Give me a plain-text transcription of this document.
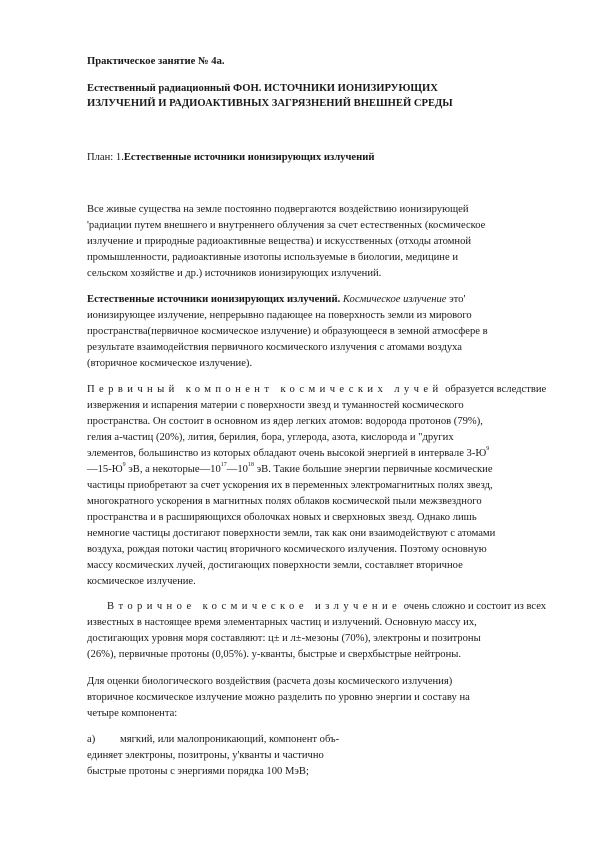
Практическое занятие № 4а.
Естественный радиационный ФОН. ИСТОЧНИКИ ИОНИЗИРУЮЩИХ
ИЗЛУЧЕНИЙ И РАДИОАКТИВНЫХ ЗАГРЯЗНЕНИЙ ВНЕШНЕЙ СРЕДЫ
План: 1.Естественные источники ионизирующих излучений
Все живые существа на земле постоянно подвергаются воздействию ионизирующей
'радиации путем внешнего и внутреннего облучения за счет естественных (космическое
излучение и природные радиоактивные вещества) и искусственных (отходы атомной
промышленности, радиоактивные изотопы используемые в биологии, медицине и
сельском хозяйстве и др.) источников ионизирующих излучений.
Естественные источники ионизирующих излучений. Космическое излучение это'
ионизирующее излучение, непрерывно падающее на поверхность земли из мирового
пространства(первичное космическое излучение) и образующееся в земной атмосфере в
результате взаимодействия первичного космического излучения с атомами воздуха
(вторичное космическое излучение).
Первичный компонент космических лучей образуется вследствие
извержения и испарения материи с поверхности звезд и туманностей космического
пространства. Он состоит в основном из ядер легких атомов: водорода протонов (79%),
гелия а-частиц (20%), лития, берилия, бора, углерода, азота, кислорода и "других
элементов, большинство из которых обладают очень высокой энергией в интервале $3-Ю^9$
$—15-Ю^9$ эВ, а $некоторые—10^{17}—10^{18}$ эВ. Такие большие энергии первичные космические
частицы приобретают за счет ускорения их в переменных электромагнитных полях звезд,
многократного ускорения в магнитных полях облаков космической пыли межзвездного
пространства и в расширяющихся оболочках новых и сверхновых звезд. Однако лишь
немногие частицы достигают поверхности земли, так как они взаимодействуют с атомами
воздуха, рождая потоки частиц вторичного космического излучения. Поэтому основную
массу космических лучей, достигающих поверхности земли, составляет вторичное
космическое излучение.
Вторичное космическое излучение очень сложно и состоит из всех
известных в настоящее время элементарных частиц и излучений. Основную массу их,
достигающих уровня моря составляют: ц± и л±-мезоны (70%), электроны и позитроны
(26%), первичные протоны (0,05%). у-кванты, быстрые и сверхбыстрые нейтроны.
Для оценки биологического воздействия (расчета дозы космического излучения)
вторичное космическое излучение можно разделить по уровню энергии и составу на
четыре компонента:
а) мягкий, или малопроникающий, компонент объ-
единяет электроны, позитроны, у'кванты и частично
быстрые протоны с энергиями порядка 100 МэВ;
